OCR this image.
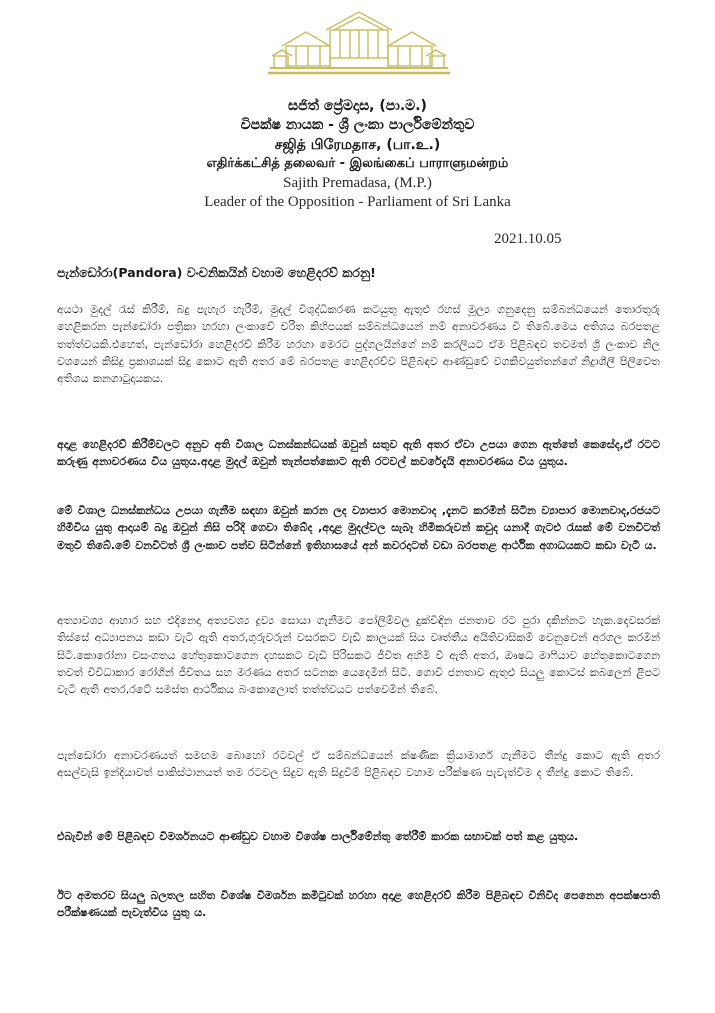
සජිත් ප්‍රේමදාස, (පා.ම.)
විපක්ෂ නායක - ශ්‍රී ලංකා පාර්ලිමේන්තුව
சஜித் பிரேமதாச, (பா.உ.)
எதிர்க்கட்சித் தலைவர் - இலங்கைப் பாராளுமன்றம்
Sajith Premadasa, (M.P.)
Leader of the Opposition - Parliament of Sri Lanka
2021.10.05
පැන්ඩෝරා(Pandora) වංචනිකයින් වහාම හෙළිදරව් කරනු!

අයථා මුදල් රැස් කිරීම්, බදු පැහැර හැරීම්, මුදල් විශුද්ධිකරණ කටයුතු ඇතුළු රහස් මූල්‍ය ගනුදෙනු සම්බන්ධයෙන් තොරතුරු හෙළිකරන පැන්ඩෝරා පත්‍රිකා හරහා ලංකාවේ චරිත කිහිපයක් සම්බන්ධයෙන් නම් අනාවරණය වී තිබේ.මෙය අතිශය බරපතළ තත්ත්වයකි.එහෙත්, පැන්ඩෝරා හෙළිදරව් කිරීම හරහා මෙරට පුද්ගලයින්ගේ නම් කරලියට ඒම පිළිබඳව තවමත් ශ්‍රී ලංකාව නිල වශයෙන් කිසිදු ප්‍රකාශයක් සිදු කොට ඇති අතර මේ බරපතළ හෙළිදරව්ව පිළිබඳව ආණ්ඩුවේ වගකිවයුත්තන්ගේ නිද්‍රාශීලී පිලිවෙත අතිශය කනගාටුදායකය.

අදාළ හෙළිදරව් කිරීම්වලට අනුව අති විශාල ධනස්කන්ධයක් ඔවුන් සතුව ඇති අතර ඒවා උපයා ගෙන ඇත්තේ කෙසේද,ඒ රටට කරුණු අනාවරණය විය යුතුය.අදාළ මුදල් ඔවුන් තැන්පත්කොට ඇති රටවල් කවරේදැයි අනාවරණය විය යුතුය.

මේ විශාල ධනස්කන්ධය උපයා ගැනීම සඳහා ඔවුන් කරන ලද ව්‍යාපාර මොනවාද ,දැනට කරමින් සිටින ව්‍යාපාර මොනවාද,රජයට හිමිවිය යුතු ආදායම් බදු ඔවුන් නිසි පරිදි ගෙවා තිබේද ,අදාළ මුදල්වල සැබෑ හිමිකරුවන් කවුද යනාදී ගැටළු රැසක් මේ වනවිටත් මතුවී තිබේ.මේ වනවිටත් ශ්‍රී ලංකාව පත්ව සිටින්නේ ඉතිහාසයේ අන් කවරදාටත් වඩා බරපතළ ආර්ථික අගාධයකට කඩා වැටී ය.

අත්‍යාවශ්‍ය ආහාර සහ එදිනෙදා අත්‍යවශ්‍ය ද්‍රව්‍ය සොයා ගැනීමට පෝලිම්වල දුක්විඳින ජනතාව රට පුරා දකින්නට හැක.දෙවසරක් තිස්සේ අධ්‍යාපනය කඩා වැටී ඇති අතර,ගුරුවරුන් වසරකට වැඩි කාලයක් සිය වෘත්තීය අයිතිවාසිකම් වෙනුවෙන් අරගල කරමින් සිටී.කොරෝනා වසංගතය හේතුකොටගෙන දහසකට වැඩි පිරිසකට ජීවිත අහිමි වී ඇති අතර, ඖෂධ මාෆියාව හේතුකොටගෙන තවත් විවිධාකාර රෝගීන් ජීවිතය සහ මරණය අතර සටනක යෙදෙමින් සිටී. ගොවි ජනතාව ඇතුළු සියලු කොටස් කබලෙන් ළිපට වැටී ඇති අතර,රටේ සමස්ත ආර්ථිකය බංකොලොත් තත්ත්වයට පත්වෙමින් තිබේ.

පැන්ඩෝරා අනාවරණයත් සමඟම බොහෝ රටවල් ඒ සම්බන්ධයෙන් ක්ෂණික ක්‍රියාමාර්ග ගැනීමට තීන්දු කොට ඇති අතර අසල්වැසි ඉන්දියාවත් පාකිස්ථානයත් තම රටවල සිදුව ඇති සිදුවීම් පිළිබඳව වහාම පරීක්ෂණ පැවැත්වීම ද තීන්දු කොට තිබේ.

එබැවින් මේ පිළිබඳව විමර්ශනයට ආණ්ඩුව වහාම විශේෂ පාර්ලිමේන්තු තේරීම් කාරක සභාවක් පත් කළ යුතුය.

ඊට අමතරව සියලු බලතල සහිත විශේෂ විමර්ශන කමිටුවක් හරහා අදාළ හෙළිදරව් කිරීම පිළිබඳව විනිවිද පෙනෙන අපක්ෂපාති පරීක්ෂණයක් පැවැත්විය යුතු ය.
